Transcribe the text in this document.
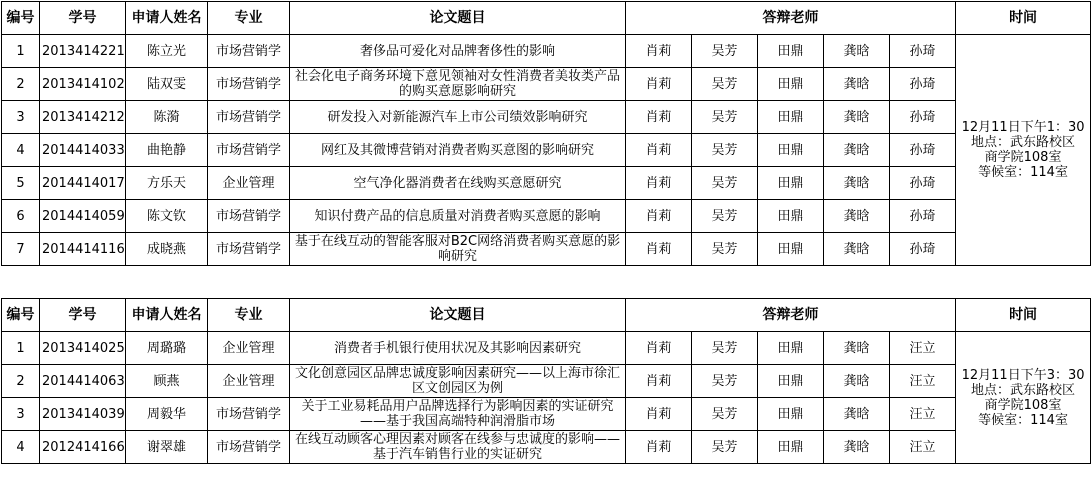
编号	学号	申请人姓名	专业	论文题目	答辩老师					时间
1	2013414221	陈立光	市场营销学	奢侈品可爱化对品牌奢侈性的影响	肖莉	吴芳	田鼎	龚晗	孙琦	12月11日下午1：30
地点：武东路校区
商学院108室
等候室：114室

2	2013414102	陆双雯	市场营销学	社会化电子商务环境下意见领袖对女性消费者美妆类产品的购买意愿影响研究	肖莉	吴芳	田鼎	龚晗	孙琦	
3	2013414212	陈漪	市场营销学	研发投入对新能源汽车上市公司绩效影响研究	肖莉	吴芳	田鼎	龚晗	孙琦	
4	2014414033	曲艳静	市场营销学	网红及其微博营销对消费者购买意图的影响研究	肖莉	吴芳	田鼎	龚晗	孙琦	
5	2014414017	方乐天	企业管理	空气净化器消费者在线购买意愿研究	肖莉	吴芳	田鼎	龚晗	孙琦	
6	2014414059	陈文钦	市场营销学	知识付费产品的信息质量对消费者购买意愿的影响	肖莉	吴芳	田鼎	龚晗	孙琦	
7	2014414116	成晓燕	市场营销学	基于在线互动的智能客服对B2C网络消费者购买意愿的影响研究	肖莉	吴芳	田鼎	龚晗	孙琦	
编号	学号	申请人姓名	专业	论文题目	答辩老师					时间
1	2013414025	周璐璐	企业管理	消费者手机银行使用状况及其影响因素研究	肖莉	吴芳	田鼎	龚晗	汪立	12月11日下午3：30
地点：武东路校区
商学院108室
等候室：114室

2	2014414063	顾燕	企业管理	文化创意园区品牌忠诚度影响因素研究——以上海市徐汇区文创园区为例	肖莉	吴芳	田鼎	龚晗	汪立	
3	2013414039	周毅华	市场营销学	关于工业易耗品用户品牌选择行为影响因素的实证研究——基于我国高端特种润滑脂市场	肖莉	吴芳	田鼎	龚晗	汪立	
4	2012414166	谢翠雄	市场营销学	在线互动顾客心理因素对顾客在线参与忠诚度的影响——基于汽车销售行业的实证研究	肖莉	吴芳	田鼎	龚晗	汪立	
